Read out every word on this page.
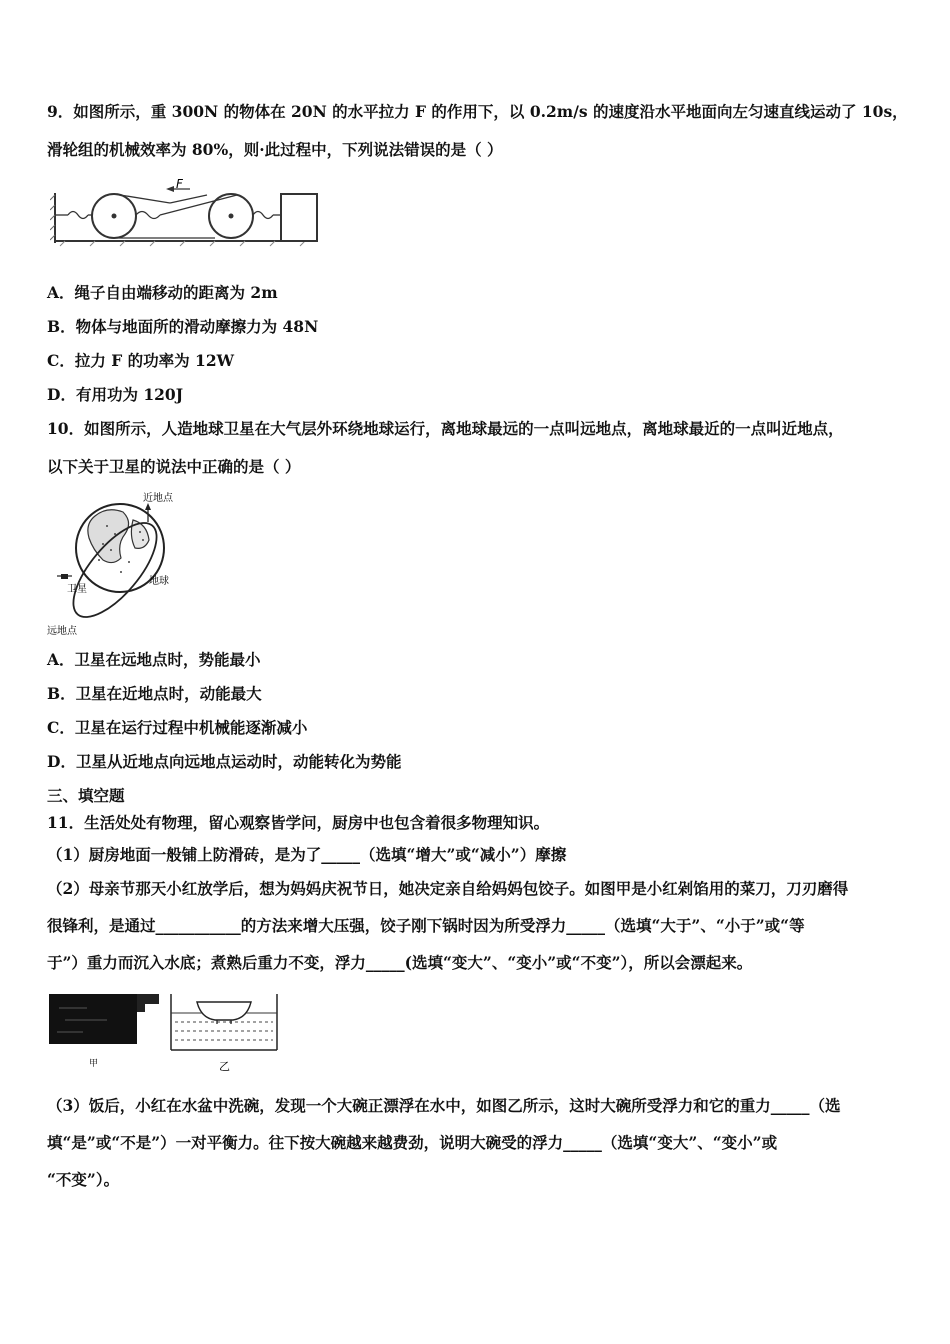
9．如图所示，重 300N 的物体在 20N 的水平拉力 F 的作用下，以 0.2m/s 的速度沿水平地面向左匀速直线运动了 10s，
滑轮组的机械效率为 80%，则·此过程中，下列说法错误的是（ ）
F
A．绳子自由端移动的距离为 2m
B．物体与地面所的滑动摩擦力为 48N
C．拉力 F 的功率为 12W
D．有用功为 120J
10．如图所示，人造地球卫星在大气层外环绕地球运行，离地球最远的一点叫远地点，离地球最近的一点叫近地点，
以下关于卫星的说法中正确的是（ ）
近地点
地球
卫星
远地点
A．卫星在远地点时，势能最小
B．卫星在近地点时，动能最大
C．卫星在运行过程中机械能逐渐减小
D．卫星从近地点向远地点运动时，动能转化为势能
三、填空题
11．生活处处有物理，留心观察皆学问，厨房中也包含着很多物理知识。
（1）厨房地面一般铺上防滑砖，是为了_____（选填“增大”或“减小”）摩擦
（2）母亲节那天小红放学后，想为妈妈庆祝节日，她决定亲自给妈妈包饺子。如图甲是小红剁馅用的菜刀，刀刃磨得
很锋利，是通过___________的方法来增大压强，饺子刚下锅时因为所受浮力_____（选填“大于”、“小于”或“等
于”）重力而沉入水底；煮熟后重力不变，浮力_____(选填“变大”、“变小”或“不变”），所以会漂起来。
甲	乙
（3）饭后，小红在水盆中洗碗，发现一个大碗正漂浮在水中，如图乙所示，这时大碗所受浮力和它的重力_____（选
填“是”或“不是”）一对平衡力。往下按大碗越来越费劲，说明大碗受的浮力_____（选填“变大”、“变小”或
“不变”）。
